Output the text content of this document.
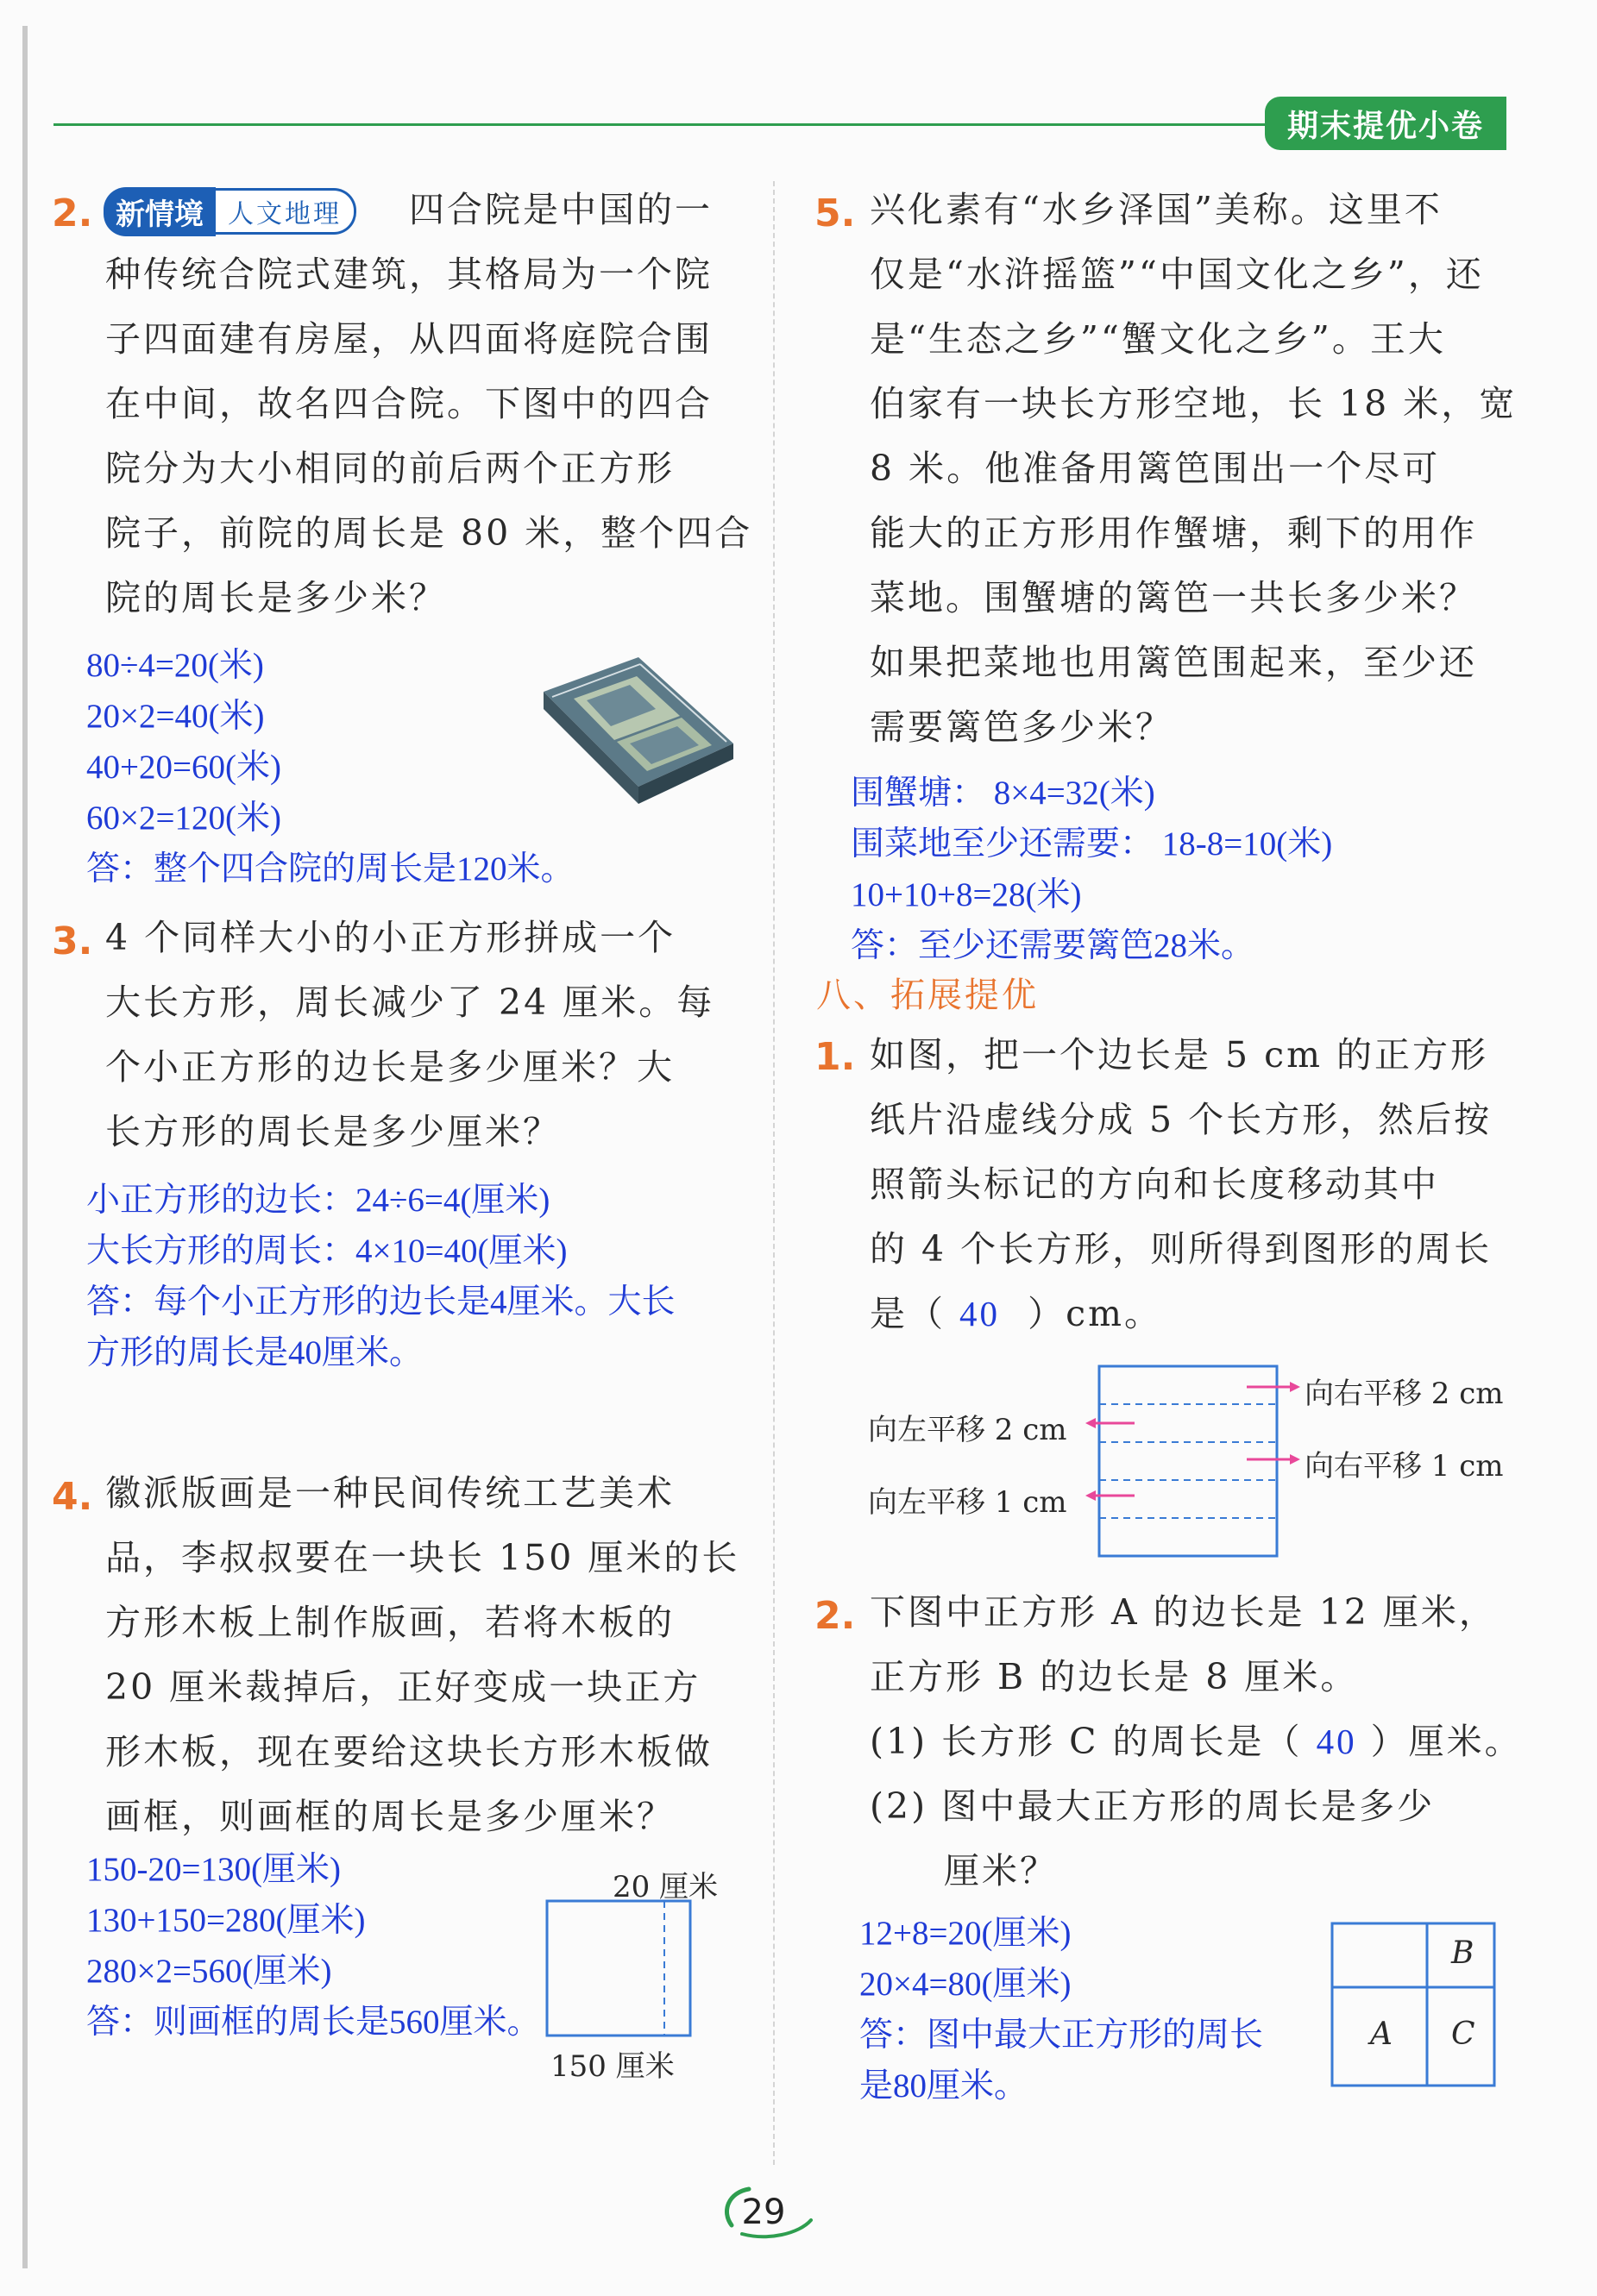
期末提优小卷
2. 新情境 人文地理	四合院是中国的一
种传统合院式建筑，其格局为一个院
子四面建有房屋，从四面将庭院合围
在中间，故名四合院。下图中的四合
院分为大小相同的前后两个正方形
院子，前院的周长是 80 米，整个四合
院的周长是多少米？
80÷4=20(米)
20×2=40(米)
40+20=60(米)
60×2=120(米)
答：整个四合院的周长是120米。
3. 4 个同样大小的小正方形拼成一个
大长方形，周长减少了 24 厘米。每
个小正方形的边长是多少厘米？大
长方形的周长是多少厘米？
小正方形的边长：24÷6=4(厘米)
大长方形的周长：4×10=40(厘米)
答：每个小正方形的边长是4厘米。大长
方形的周长是40厘米。
4. 徽派版画是一种民间传统工艺美术
品，李叔叔要在一块长 150 厘米的长
方形木板上制作版画，若将木板的
20 厘米裁掉后，正好变成一块正方
形木板，现在要给这块长方形木板做
画框，则画框的周长是多少厘米？
150-20=130(厘米)
130+150=280(厘米)
280×2=560(厘米)
答：则画框的周长是560厘米。
20 厘米
150 厘米
5. 兴化素有“水乡泽国”美称。这里不
仅是“水浒摇篮”“中国文化之乡”，还
是“生态之乡”“蟹文化之乡”。王大
伯家有一块长方形空地，长 18 米，宽
8 米。他准备用篱笆围出一个尽可
能大的正方形用作蟹塘，剩下的用作
菜地。围蟹塘的篱笆一共长多少米？
如果把菜地也用篱笆围起来，至少还
需要篱笆多少米？
围蟹塘： 8×4=32(米)
围菜地至少还需要： 18-8=10(米)
10+10+8=28(米)
答：至少还需要篱笆28米。
八、拓展提优
1. 如图，把一个边长是 5 cm 的正方形
纸片沿虚线分成 5 个长方形，然后按
照箭头标记的方向和长度移动其中
的 4 个长方形，则所得到图形的周长
是（ 40 ）cm。
向右平移 2 cm
向左平移 2 cm
向右平移 1 cm
向左平移 1 cm
2. 下图中正方形 A 的边长是 12 厘米，
正方形 B 的边长是 8 厘米。
(1) 长方形 C 的周长是（ 40 ）厘米。
(2) 图中最大正方形的周长是多少
厘米？
12+8=20(厘米)
20×4=80(厘米)
答：图中最大正方形的周长
是80厘米。
B
A C
29
